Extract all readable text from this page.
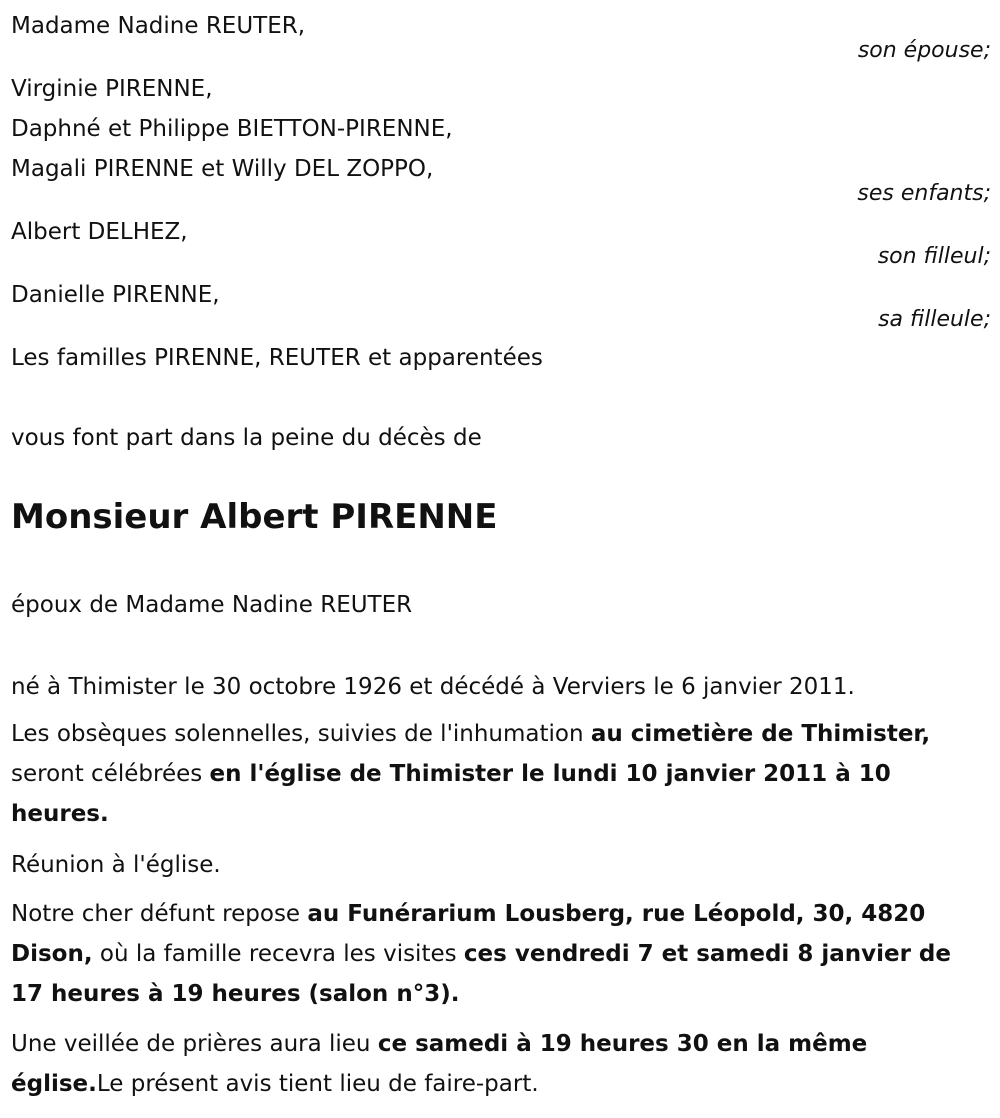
Madame Nadine REUTER,
son épouse;
Virginie PIRENNE,
Daphné et Philippe BIETTON-PIRENNE,
Magali PIRENNE et Willy DEL ZOPPO,
ses enfants;
Albert DELHEZ,
son filleul;
Danielle PIRENNE,
sa filleule;
Les familles PIRENNE, REUTER et apparentées
vous font part dans la peine du décès de
Monsieur Albert PIRENNE
époux de Madame Nadine REUTER
né à Thimister le 30 octobre 1926 et décédé à Verviers le 6 janvier 2011.
Les obsèques solennelles, suivies de l'inhumation au cimetière de Thimister, seront célébrées en l'église de Thimister le lundi 10 janvier 2011 à 10 heures.
Réunion à l'église.
Notre cher défunt repose au Funérarium Lousberg, rue Léopold, 30, 4820 Dison, où la famille recevra les visites ces vendredi 7 et samedi 8 janvier de 17 heures à 19 heures (salon n°3).
Une veillée de prières aura lieu ce samedi à 19 heures 30 en la même église.Le présent avis tient lieu de faire-part.
